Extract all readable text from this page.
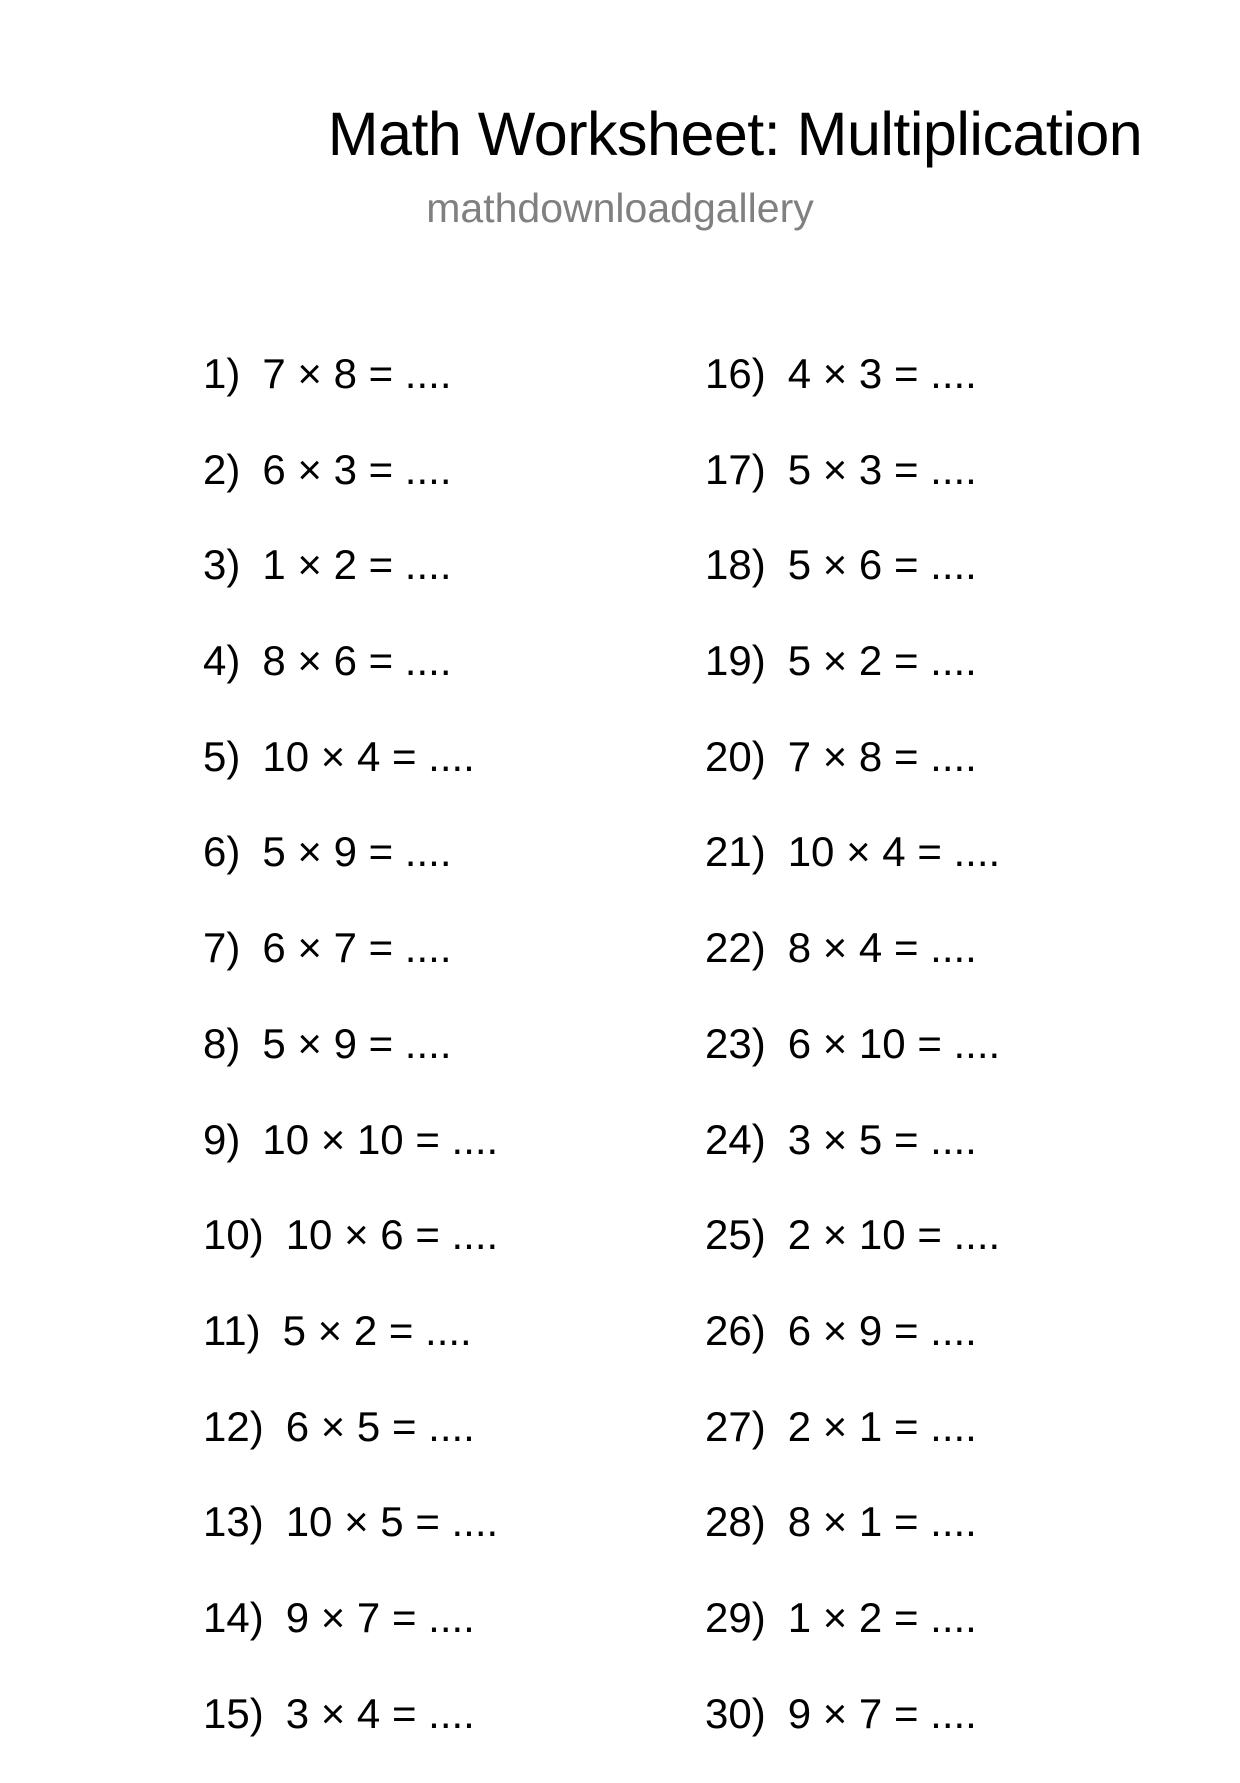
Math Worksheet: Multiplication
mathdownloadgallery
1) 7 × 8 = ....
2) 6 × 3 = ....
3) 1 × 2 = ....
4) 8 × 6 = ....
5) 10 × 4 = ....
6) 5 × 9 = ....
7) 6 × 7 = ....
8) 5 × 9 = ....
9) 10 × 10 = ....
10) 10 × 6 = ....
11) 5 × 2 = ....
12) 6 × 5 = ....
13) 10 × 5 = ....
14) 9 × 7 = ....
15) 3 × 4 = ....
16) 4 × 3 = ....
17) 5 × 3 = ....
18) 5 × 6 = ....
19) 5 × 2 = ....
20) 7 × 8 = ....
21) 10 × 4 = ....
22) 8 × 4 = ....
23) 6 × 10 = ....
24) 3 × 5 = ....
25) 2 × 10 = ....
26) 6 × 9 = ....
27) 2 × 1 = ....
28) 8 × 1 = ....
29) 1 × 2 = ....
30) 9 × 7 = ....
